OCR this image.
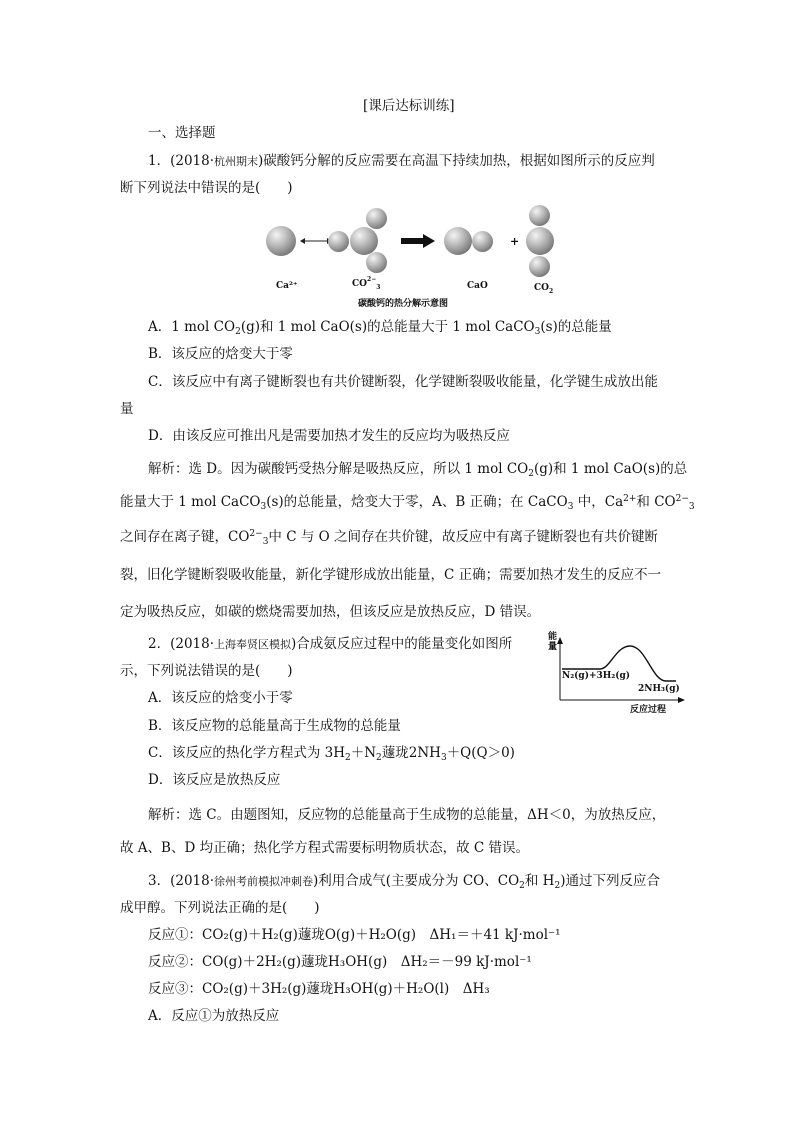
[课后达标训练]
一、选择题
1．(2018·杭州期末)碳酸钙分解的反应需要在高温下持续加热，根据如图所示的反应判
断下列说法中错误的是(　　)
+
Ca²⁺	$CO^{2-}_3$	CaO	$CO_2$
碳酸钙的热分解示意图
A．1 mol $CO_2(g)$和 1 mol CaO(s)的总能量大于 1 mol CaCO$_3$(s)的总能量
B．该反应的焓变大于零
C．该反应中有离子键断裂也有共价键断裂，化学键断裂吸收能量，化学键生成放出能
量
D．由该反应可推出凡是需要加热才发生的反应均为吸热反应
解析：选 D。因为碳酸钙受热分解是吸热反应，所以 1 mol $CO_2(g)$和 1 mol CaO(s)的总
能量大于 1 mol CaCO$_3$(s)的总能量，焓变大于零，A、B 正确；在 CaCO$_3$ 中，$Ca^{2+}$和 $CO^{2-}_3$
之间存在离子键，$CO^{2-}_3$中 C 与 O 之间存在共价键，故反应中有离子键断裂也有共价键断
裂，旧化学键断裂吸收能量，新化学键形成放出能量，C 正确；需要加热才发生的反应不一
定为吸热反应，如碳的燃烧需要加热，但该反应是放热反应，D 错误。
2．(2018·上海奉贤区模拟)合成氨反应过程中的能量变化如图所
示，下列说法错误的是(　　)
能量
N₂(g)+3H₂(g)
2NH₃(g)
反应过程
A．该反应的焓变小于零
B．该反应物的总能量高于生成物的总能量
C．该反应的热化学方程式为 $3H_2+N_2$蘧珑$2NH_3+Q(Q>0)$
D．该反应是放热反应
解析：选 C。由题图知，反应物的总能量高于生成物的总能量，ΔH＜0，为放热反应，
故 A、B、D 均正确；热化学方程式需要标明物质状态，故 C 错误。
3．(2018·徐州考前模拟冲刺卷)利用合成气(主要成分为 CO、$CO_2$和 $H_2$)通过下列反应合
成甲醇。下列说法正确的是(　　)
反应①：CO₂(g)＋H₂(g)蘧珑O(g)＋H₂O(g)　ΔH₁＝＋41 kJ·mol⁻¹
反应②：CO(g)＋2H₂(g)蘧珑H₃OH(g)　ΔH₂＝－99 kJ·mol⁻¹
反应③：CO₂(g)＋3H₂(g)蘧珑H₃OH(g)＋H₂O(l)　ΔH₃
A．反应①为放热反应
